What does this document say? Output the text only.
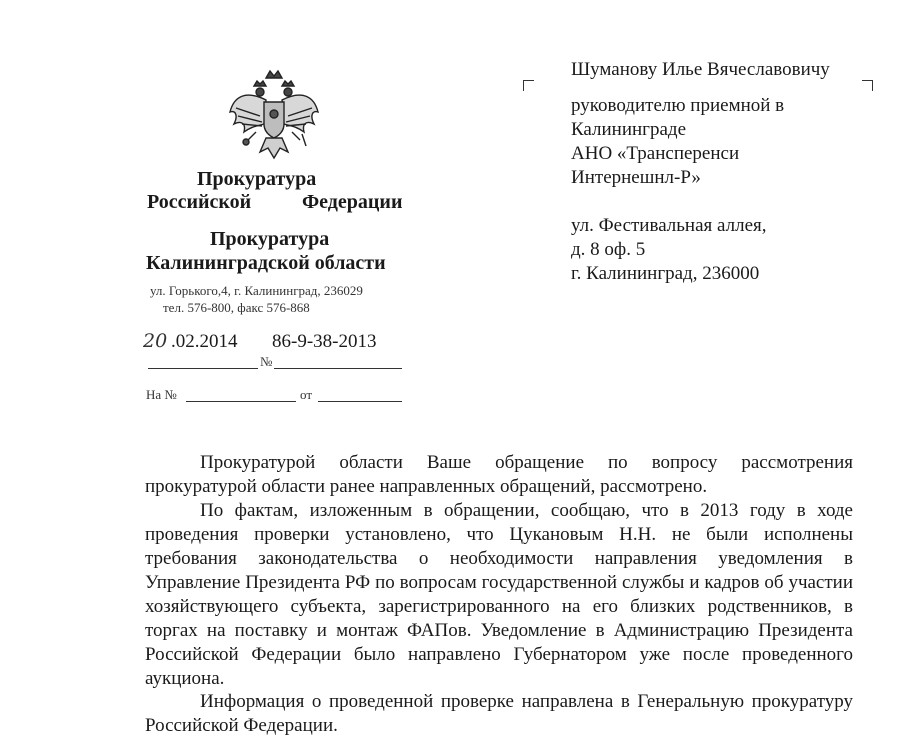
Прокуратура
Российской	Федерации
Прокуратура
Калининградской области
ул. Горького,4, г. Калининград, 236029
тел. 576-800, факс 576-868
20 .02.2014 86-9-38-2013
№
На №	от
Шуманову Илье Вячеславовичу
руководителю приемной в
Калининграде
АНО «Трансперенси
Интернешнл-Р»
ул. Фестивальная аллея,
д. 8 оф. 5
г. Калининград, 236000
Прокуратурой области Ваше обращение по вопросу рассмотрения прокуратурой области ранее направленных обращений, рассмотрено.
По фактам, изложенным в обращении, сообщаю, что в 2013 году в ходе проведения проверки установлено, что Цукановым Н.Н. не были исполнены требования законодательства о необходимости направления уведомления в Управление Президента РФ по вопросам государственной службы и кадров об участии хозяйствующего субъекта, зарегистрированного на его близких родственников, в торгах на поставку и монтаж ФАПов. Уведомление в Администрацию Президента Российской Федерации было направлено Губернатором уже после проведенного аукциона.
Информация о проведенной проверке направлена в Генеральную прокуратуру Российской Федерации.
